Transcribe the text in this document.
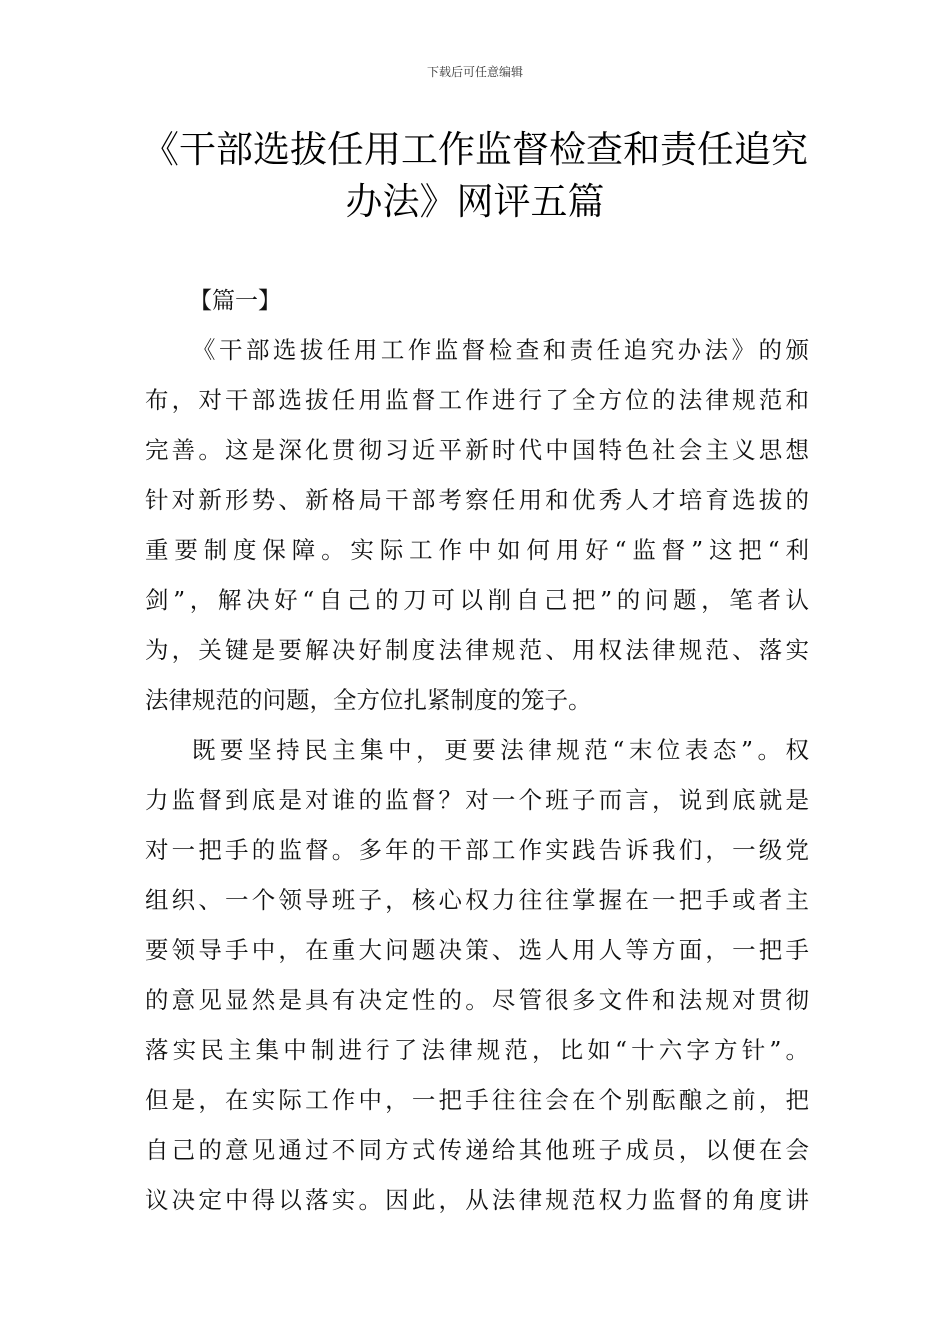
下载后可任意编辑
《干部选拔任用工作监督检查和责任追究
办法》网评五篇
【篇一】
《干部选拔任用工作监督检查和责任追究办法》的颁
布，对干部选拔任用监督工作进行了全方位的法律规范和
完善。这是深化贯彻习近平新时代中国特色社会主义思想
针对新形势、新格局干部考察任用和优秀人才培育选拔的
重要制度保障。实际工作中如何用好“监督”这把“利
剑”，解决好“自己的刀可以削自己把”的问题，笔者认
为，关键是要解决好制度法律规范、用权法律规范、落实
法律规范的问题，全方位扎紧制度的笼子。
既要坚持民主集中，更要法律规范“末位表态”。权
力监督到底是对谁的监督？对一个班子而言，说到底就是
对一把手的监督。多年的干部工作实践告诉我们，一级党
组织、一个领导班子，核心权力往往掌握在一把手或者主
要领导手中，在重大问题决策、选人用人等方面，一把手
的意见显然是具有决定性的。尽管很多文件和法规对贯彻
落实民主集中制进行了法律规范，比如“十六字方针”。
但是，在实际工作中，一把手往往会在个别酝酿之前，把
自己的意见通过不同方式传递给其他班子成员，以便在会
议决定中得以落实。因此，从法律规范权力监督的角度讲
